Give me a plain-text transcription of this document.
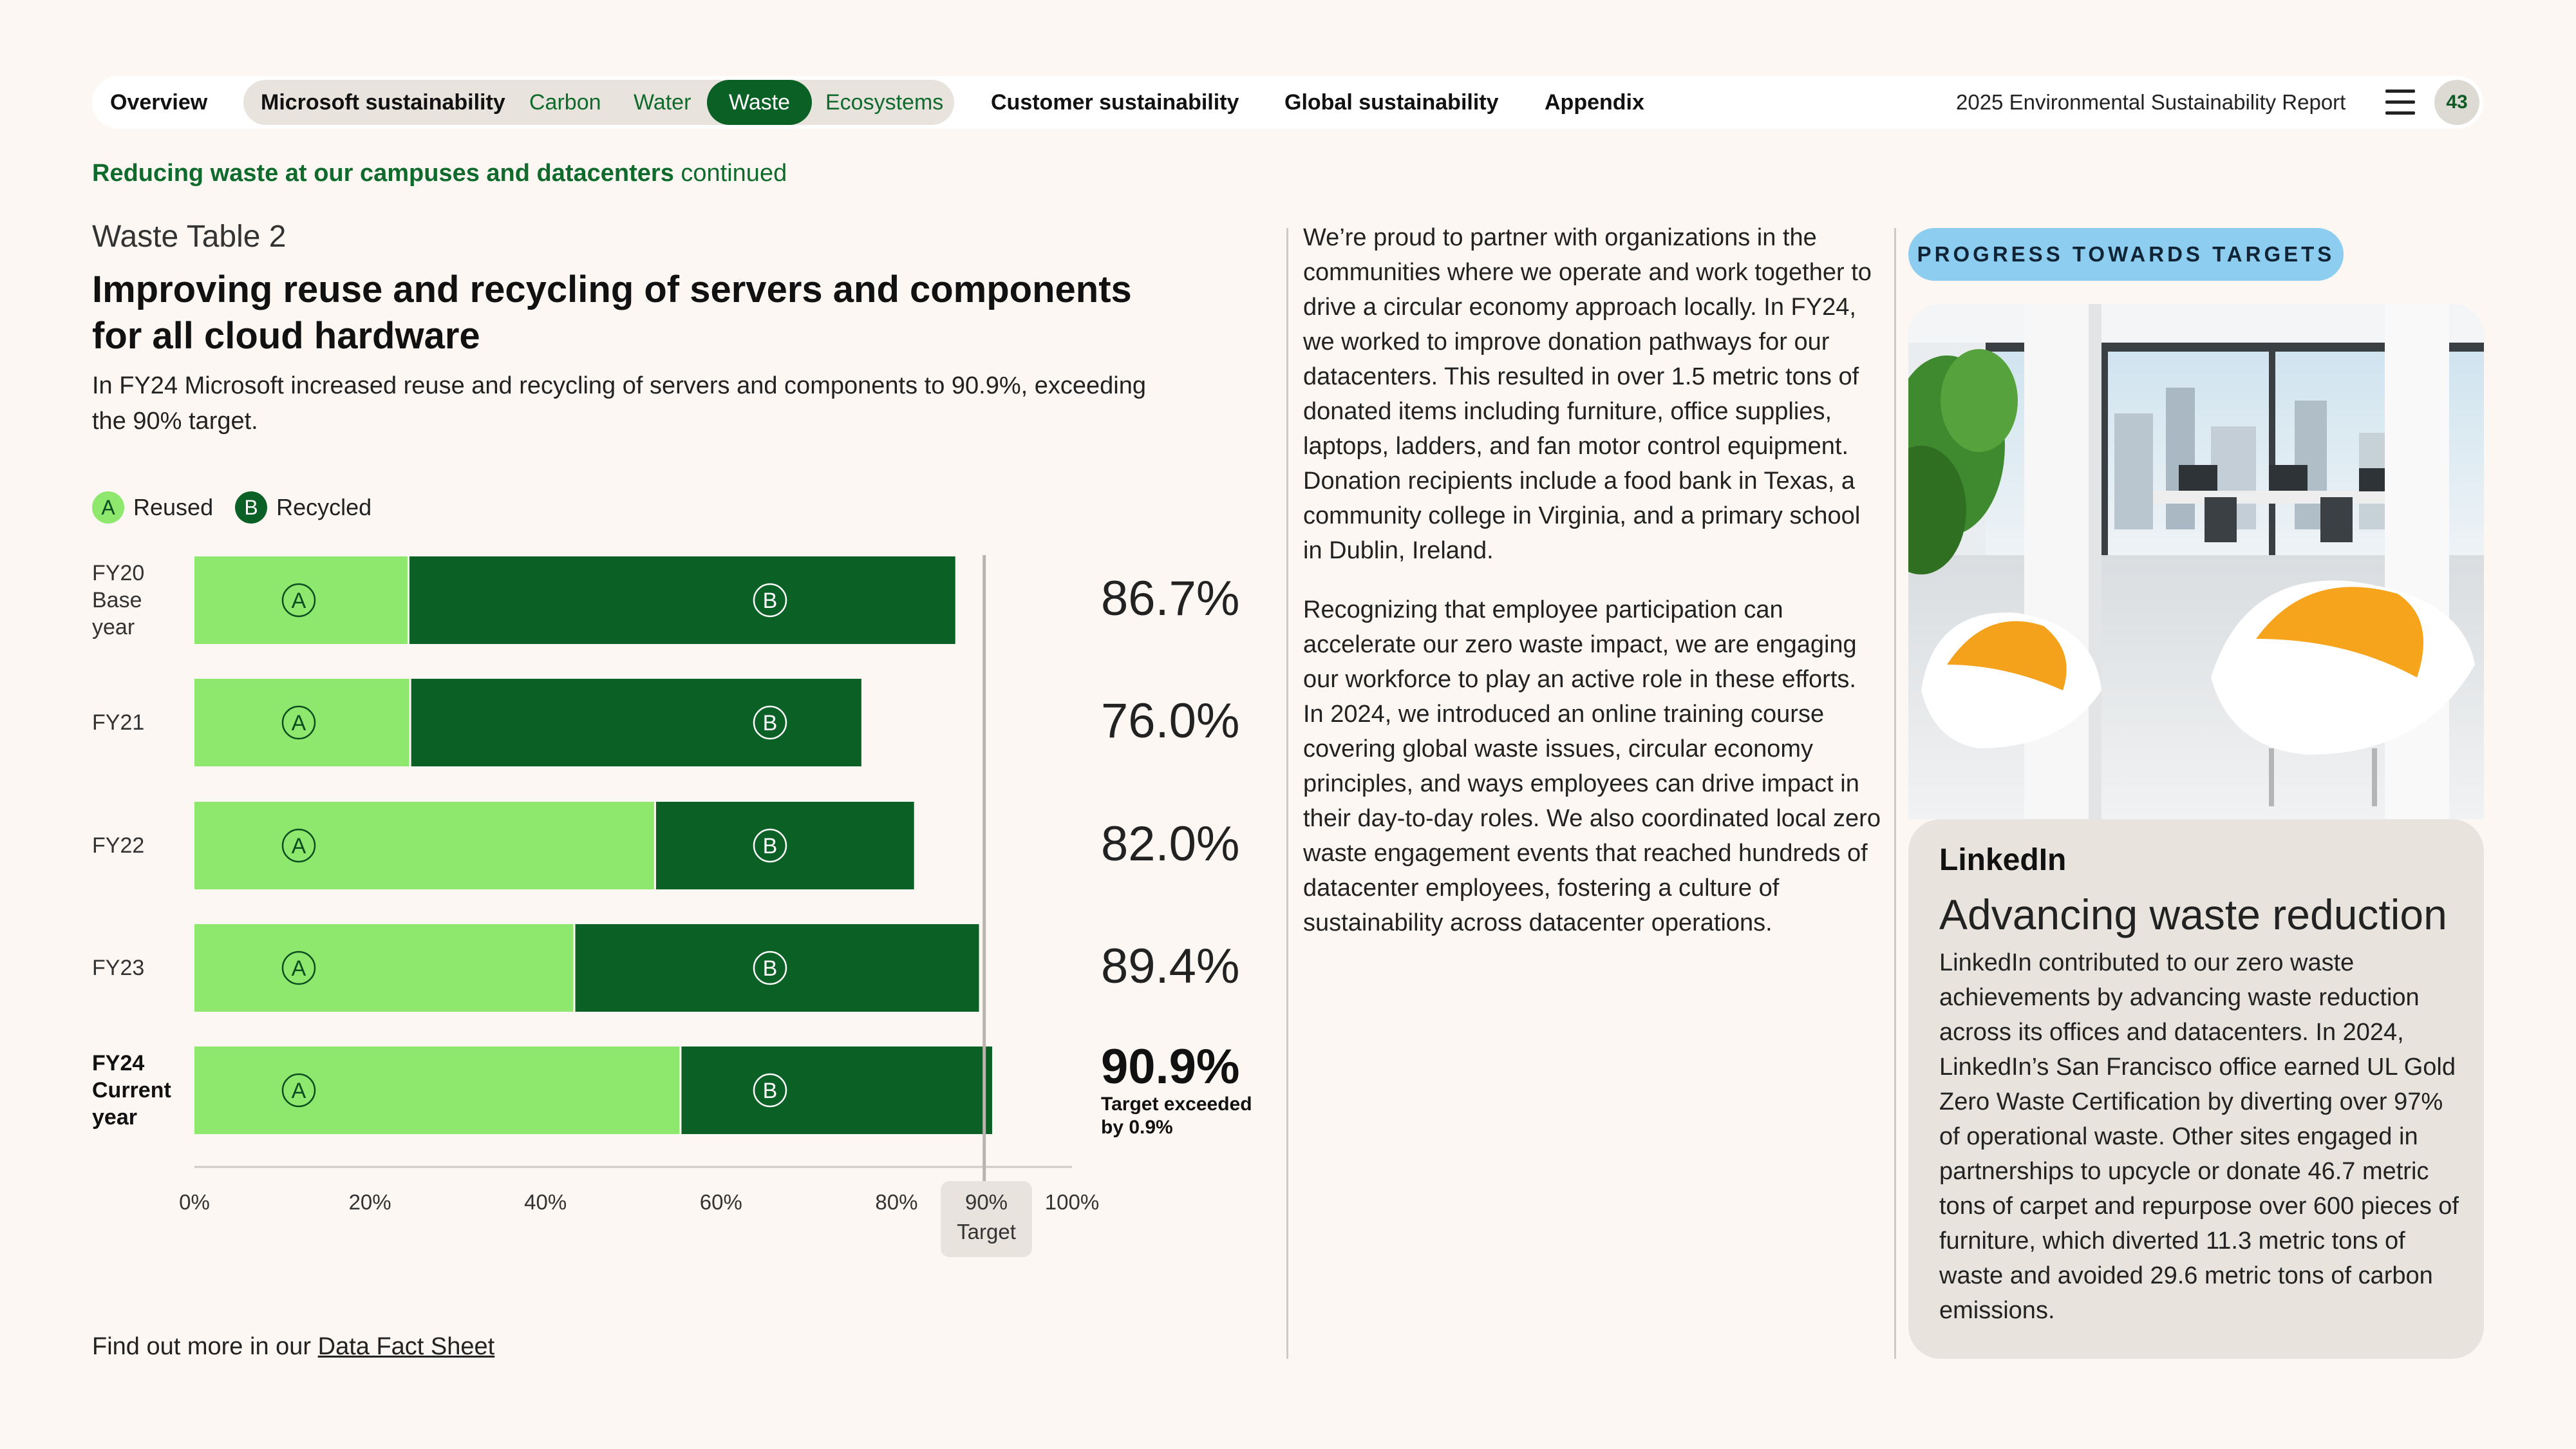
Overview Microsoft sustainability Carbon Water	Waste	Ecosystems Customer sustainability Global sustainability Appendix	2025 Environmental Sustainability Report	43
Reducing waste at our campuses and datacenters continued
Waste Table 2
Improving reuse and recycling of servers and components for all cloud hardware
In FY24 Microsoft increased reuse and recycling of servers and components to 90.9%, exceeding the 90% target.
A Reused	B Recycled
A	B
A	B
A	B
A	B
A	B
FY20
Base
year
86.7%
FY21	76.0%
FY22	82.0%
FY23	89.4%
FY24
Current
year
90.9%
Target exceeded by 0.9%
0%	20%	40%	60%	80%	100%
90%
Target
Find out more in our Data Fact Sheet
We’re proud to partner with organizations in the communities where we operate and work together to drive a circular economy approach locally. In FY24, we worked to improve donation pathways for our datacenters. This resulted in over 1.5 metric tons of donated items including furniture, office supplies, laptops, ladders, and fan motor control equipment. Donation recipients include a food bank in Texas, a community college in Virginia, and a primary school in Dublin, Ireland.
Recognizing that employee participation can accelerate our zero waste impact, we are engaging our workforce to play an active role in these efforts. In 2024, we introduced an online training course covering global waste issues, circular economy principles, and ways employees can drive impact in their day-to-day roles. We also coordinated local zero waste engagement events that reached hundreds of datacenter employees, fostering a culture of sustainability across datacenter operations.
PROGRESS TOWARDS TARGETS
LinkedIn
Advancing waste reduction
LinkedIn contributed to our zero waste achievements by advancing waste reduction across its offices and datacenters. In 2024, LinkedIn’s San Francisco office earned UL Gold Zero Waste Certification by diverting over 97% of operational waste. Other sites engaged in partnerships to upcycle or donate 46.7 metric tons of carpet and repurpose over 600 pieces of furniture, which diverted 11.3 metric tons of waste and avoided 29.6 metric tons of carbon emissions.
